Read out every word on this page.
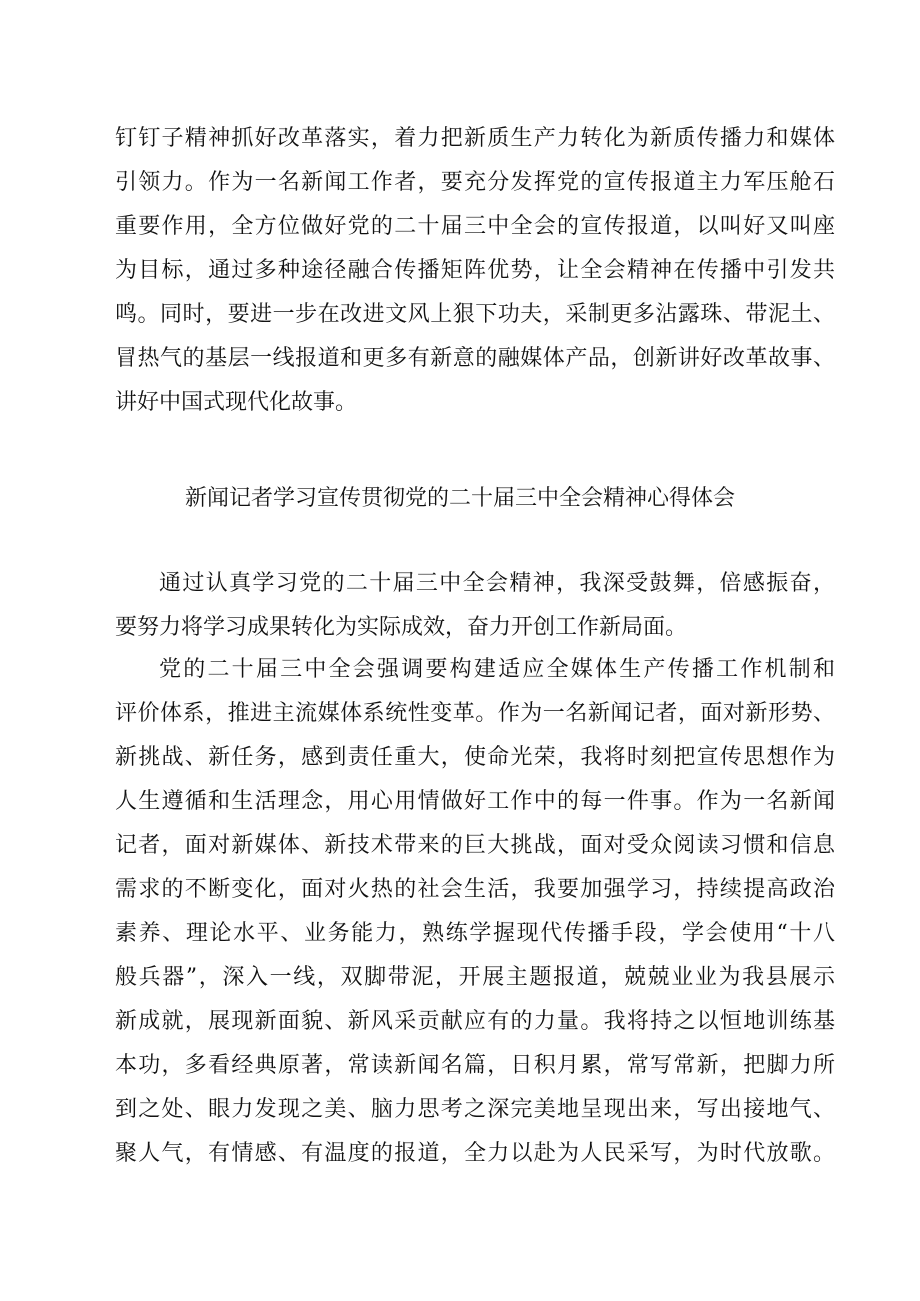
钉钉子精神抓好改革落实，着力把新质生产力转化为新质传播力和媒体
引领力。作为一名新闻工作者，要充分发挥党的宣传报道主力军压舱石
重要作用，全方位做好党的二十届三中全会的宣传报道，以叫好又叫座
为目标，通过多种途径融合传播矩阵优势，让全会精神在传播中引发共
鸣。同时，要进一步在改进文风上狠下功夫，采制更多沾露珠、带泥土、
冒热气的基层一线报道和更多有新意的融媒体产品，创新讲好改革故事、
讲好中国式现代化故事。
新闻记者学习宣传贯彻党的二十届三中全会精神心得体会
通过认真学习党的二十届三中全会精神，我深受鼓舞，倍感振奋，
要努力将学习成果转化为实际成效，奋力开创工作新局面。
党的二十届三中全会强调要构建适应全媒体生产传播工作机制和
评价体系，推进主流媒体系统性变革。作为一名新闻记者，面对新形势、
新挑战、新任务，感到责任重大，使命光荣，我将时刻把宣传思想作为
人生遵循和生活理念，用心用情做好工作中的每一件事。作为一名新闻
记者，面对新媒体、新技术带来的巨大挑战，面对受众阅读习惯和信息
需求的不断变化，面对火热的社会生活，我要加强学习，持续提高政治
素养、理论水平、业务能力，熟练学握现代传播手段，学会使用“十八
般兵器”，深入一线，双脚带泥，开展主题报道，兢兢业业为我县展示
新成就，展现新面貌、新风采贡献应有的力量。我将持之以恒地训练基
本功，多看经典原著，常读新闻名篇，日积月累，常写常新，把脚力所
到之处、眼力发现之美、脑力思考之深完美地呈现出来，写出接地气、
聚人气，有情感、有温度的报道，全力以赴为人民采写，为时代放歌。
